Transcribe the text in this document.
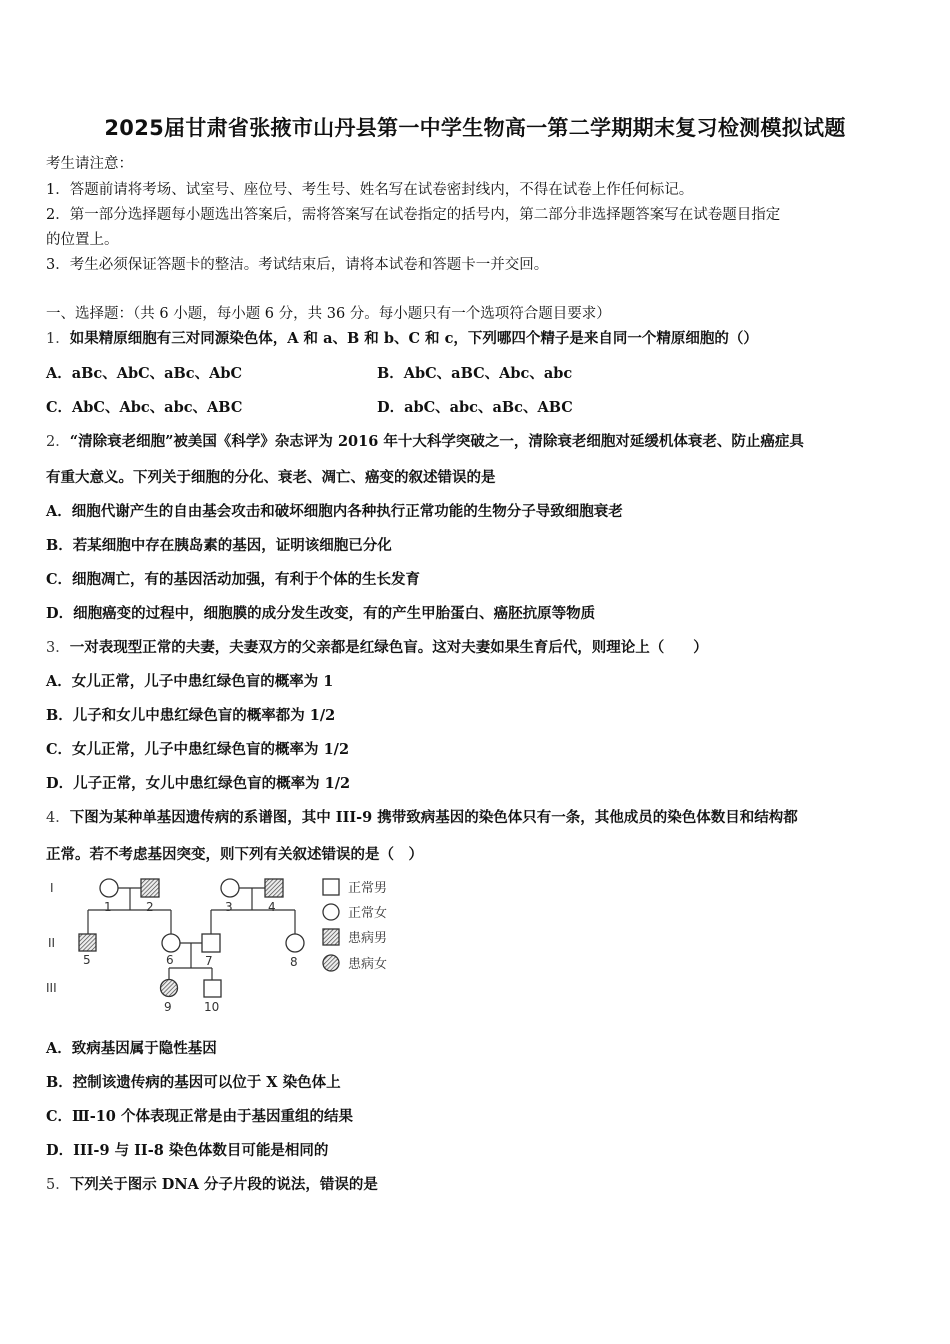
2025届甘肃省张掖市山丹县第一中学生物高一第二学期期末复习检测模拟试题
考生请注意：
1．答题前请将考场、试室号、座位号、考生号、姓名写在试卷密封线内，不得在试卷上作任何标记。
2．第一部分选择题每小题选出答案后，需将答案写在试卷指定的括号内，第二部分非选择题答案写在试卷题目指定
的位置上。
3．考生必须保证答题卡的整洁。考试结束后，请将本试卷和答题卡一并交回。
一、选择题：（共 6 小题，每小题 6 分，共 36 分。每小题只有一个选项符合题目要求）
1．如果精原细胞有三对同源染色体，A 和 a、B 和 b、C 和 c，下列哪四个精子是来自同一个精原细胞的（）
A．aBc、AbC、aBc、AbC	B．AbC、aBC、Abc、abc
C．AbC、Abc、abc、ABC	D．abC、abc、aBc、ABC
2．“清除衰老细胞”被美国《科学》杂志评为 2016 年十大科学突破之一，清除衰老细胞对延缓机体衰老、防止癌症具
有重大意义。下列关于细胞的分化、衰老、凋亡、癌变的叙述错误的是
A．细胞代谢产生的自由基会攻击和破坏细胞内各种执行正常功能的生物分子导致细胞衰老
B．若某细胞中存在胰岛素的基因，证明该细胞已分化
C．细胞凋亡，有的基因活动加强，有利于个体的生长发育
D．细胞癌变的过程中，细胞膜的成分发生改变，有的产生甲胎蛋白、癌胚抗原等物质
3．一对表现型正常的夫妻，夫妻双方的父亲都是红绿色盲。这对夫妻如果生育后代，则理论上（　　）
A．女儿正常，儿子中患红绿色盲的概率为 1
B．儿子和女儿中患红绿色盲的概率都为 1/2
C．女儿正常，儿子中患红绿色盲的概率为 1/2
D．儿子正常，女儿中患红绿色盲的概率为 1/2
4．下图为某种单基因遗传病的系谱图，其中 III-9 携带致病基因的染色体只有一条，其他成员的染色体数目和结构都
正常。若不考虑基因突变，则下列有关叙述错误的是（　）
I
II
III
1	2	3	4
5	6	7	8
9	10
正常男
正常女
患病男
患病女
A．致病基因属于隐性基因
B．控制该遗传病的基因可以位于 X 染色体上
C．Ⅲ-10 个体表现正常是由于基因重组的结果
D．III-9 与 II-8 染色体数目可能是相同的
5．下列关于图示 DNA 分子片段的说法，错误的是
